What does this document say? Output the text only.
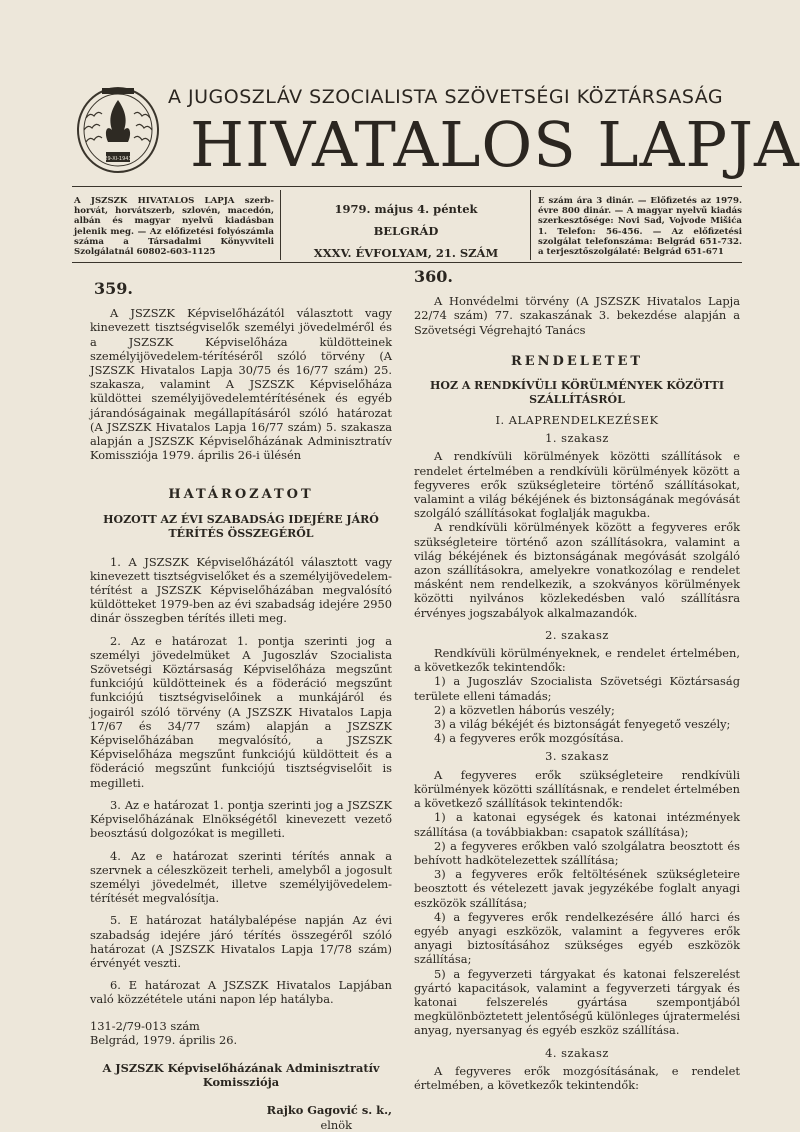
29-XI-1943
A JUGOSZLÁV SZOCIALISTA SZÖVETSÉGI KÖZTÁRSASÁG
HIVATALOS LAPJA
A JSZSZK HIVATALOS LAPJA szerb-horvát, horvátszerb, szlovén, macedón, albán és magyar nyelvű kiadásban jelenik meg. — Az előfizetési folyószámla száma a Társadalmi Könyvviteli Szolgálatnál 60802-603-1125
1979. május 4. péntek
BELGRÁD
XXXV. ÉVFOLYAM, 21. SZÁM
E szám ára 3 dinár. — Előfizetés az 1979. évre 800 dinár. — A magyar nyelvű kiadás szerkesztősége: Novi Sad, Vojvode Mišića 1. Telefon: 56-456. — Az előfizetési szolgálat telefonszáma: Belgrád 651-732. a terjesztőszolgálaté: Belgrád 651-671
359.

A JSZSZK Képviselőházától választott vagy kinevezett tisztségviselők személyi jövedelméről és a JSZSZK Képviselőháza küldötteinek személyijövedelem-térítéséről szóló törvény (A JSZSZK Hivatalos Lapja 30/75 és 16/77 szám) 25. szakasza, valamint A JSZSZK Képviselőháza küldöttei személyijövedelemtérítésének és egyéb járandóságainak megállapításáról szóló határozat (A JSZSZK Hivatalos Lapja 16/77 szám) 5. szakasza alapján a JSZSZK Képviselőházának Adminisztratív Komissziója 1979. április 26-i ülésén

HATÁROZATOT
HOZOTT AZ ÉVI SZABADSÁG IDEJÉRE JÁRÓ TÉRÍTÉS ÖSSZEGÉRŐL

1. A JSZSZK Képviselőházától választott vagy kinevezett tisztségviselőket és a személyijövedelem-térítést a JSZSZK Képviselőházában megvalósító küldötteket 1979-ben az évi szabadság idejére 2950 dinár összegben térítés illeti meg.

2. Az e határozat 1. pontja szerinti jog a személyi jövedelmüket A Jugoszláv Szocialista Szövetségi Köztársaság Képviselőháza megszűnt funkciójú küldötteinek és a föderáció megszűnt funkciójú tisztségviselőinek a munkájáról és jogairól szóló törvény (A JSZSZK Hivatalos Lapja 17/67 és 34/77 szám) alapján a JSZSZK Képviselőházában megvalósító, a JSZSZK Képviselőháza megszűnt funkciójú küldötteit és a föderáció megszűnt funkciójú tisztségviselőit is megilleti.

3. Az e határozat 1. pontja szerinti jog a JSZSZK Képviselőházának Elnökségétől kinevezett vezető beosztású dolgozókat is megilleti.

4. Az e határozat szerinti térítés annak a szervnek a céleszközeit terheli, amelyből a jogosult személyi jövedelmét, illetve személyijövedelem-térítését megvalósítja.

5. E határozat hatálybalépése napján Az évi szabadság idejére járó térítés összegéről szóló határozat (A JSZSZK Hivatalos Lapja 17/78 szám) érvényét veszti.

6. E határozat A JSZSZK Hivatalos Lapjában való közzététele utáni napon lép hatályba.

131-2/79-013 szám
Belgrád, 1979. április 26.
A JSZSZK Képviselőházának Adminisztratív Komissziója
Rajko Gagović s. k.,
elnök
360.

A Honvédelmi törvény (A JSZSZK Hivatalos Lapja 22/74 szám) 77. szakaszának 3. bekezdése alapján a Szövetségi Végrehajtó Tanács

RENDELETET
HOZ A RENDKÍVÜLI KÖRÜLMÉNYEK KÖZÖTTI SZÁLLÍTÁSRÓL
I. ALAPRENDELKEZÉSEK
1. szakasz

A rendkívüli körülmények közötti szállítások e rendelet értelmében a rendkívüli körülmények között a fegyveres erők szükségleteire történő szállításokat, valamint a világ békéjének és biztonságának megóvását szolgáló szállításokat foglalják magukba.

A rendkívüli körülmények között a fegyveres erők szükségleteire történő azon szállításokra, valamint a világ békéjének és biztonságának megóvását szolgáló azon szállításokra, amelyekre vonatkozólag e rendelet másként nem rendelkezik, a szokványos körülmények közötti nyilvános közlekedésben való szállításra érvényes jogszabályok alkalmazandók.

2. szakasz

Rendkívüli körülményeknek, e rendelet értelmében, a következők tekintendők:

1) a Jugoszláv Szocialista Szövetségi Köztársaság területe elleni támadás;

2) a közvetlen háborús veszély;

3) a világ békéjét és biztonságát fenyegető veszély;

4) a fegyveres erők mozgósítása.

3. szakasz

A fegyveres erők szükségleteire rendkívüli körülmények közötti szállításnak, e rendelet értelmében a következő szállítások tekintendők:

1) a katonai egységek és katonai intézmények szállítása (a továbbiakban: csapatok szállítása);

2) a fegyveres erőkben való szolgálatra beosztott és behívott hadkötelezettek szállítása;

3) a fegyveres erők feltöltésének szükségleteire beosztott és vételezett javak jegyzékébe foglalt anyagi eszközök szállítása;

4) a fegyveres erők rendelkezésére álló harci és egyéb anyagi eszközök, valamint a fegyveres erők anyagi biztosításához szükséges egyéb eszközök szállítása;

5) a fegyverzeti tárgyakat és katonai felszerelést gyártó kapacitások, valamint a fegyverzeti tárgyak és katonai felszerelés gyártása szempontjából megkülönböztetett jelentőségű különleges újratermelési anyag, nyersanyag és egyéb eszköz szállítása.

4. szakasz

A fegyveres erők mozgósításának, e rendelet értelmében, a következők tekintendők:
